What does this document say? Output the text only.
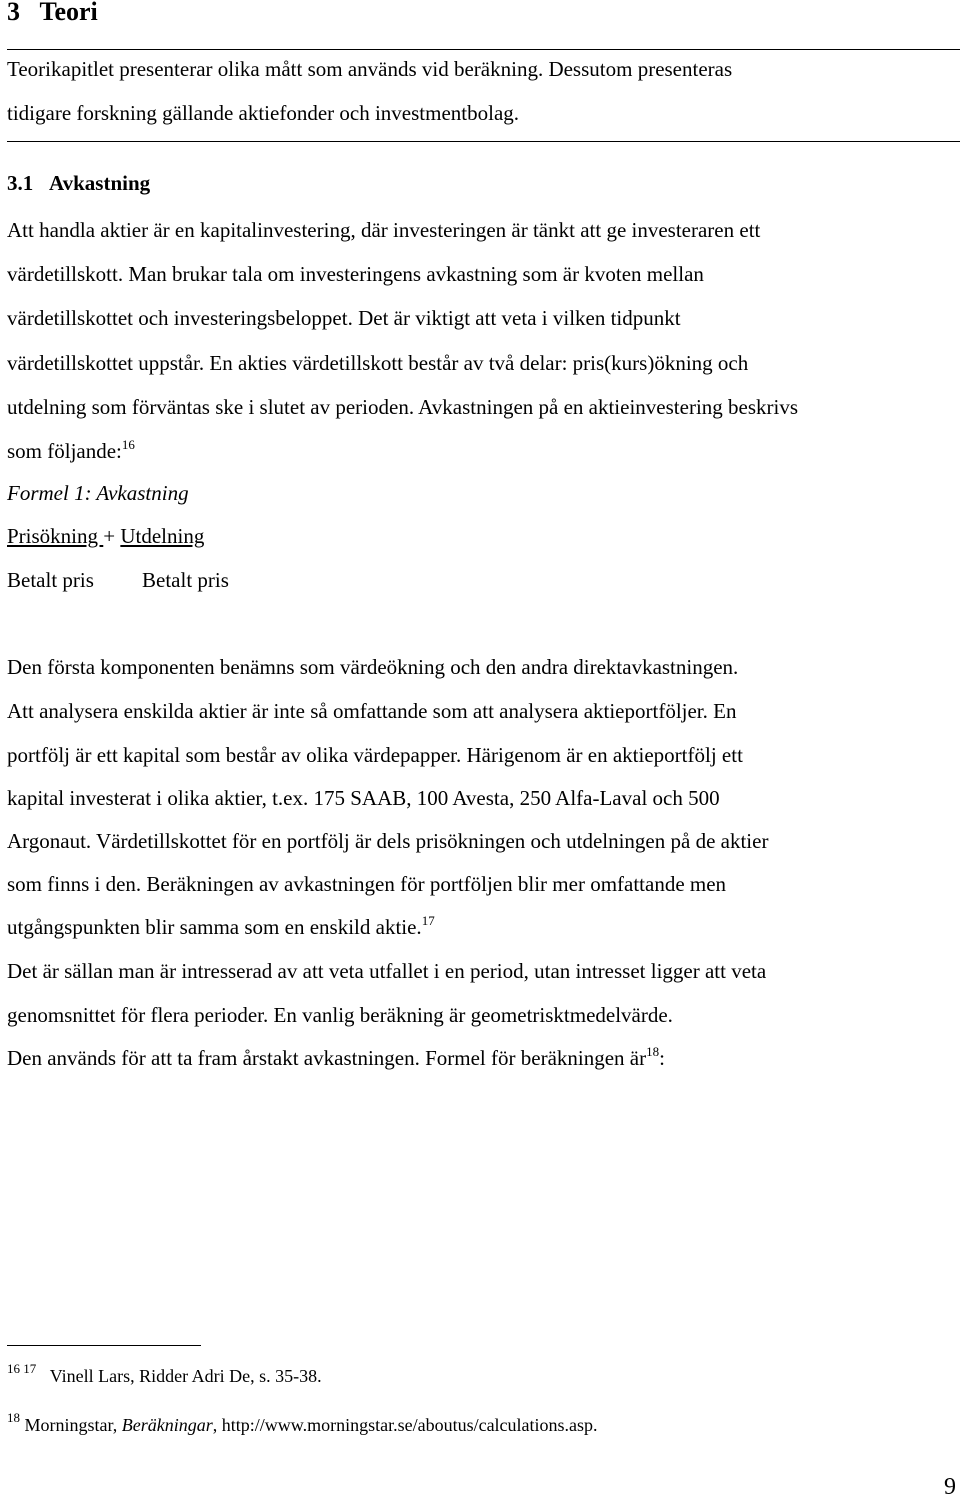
3 Teori
Teorikapitlet presenterar olika mått som används vid beräkning. Dessutom presenteras
tidigare forskning gällande aktiefonder och investmentbolag.
3.1 Avkastning
Att handla aktier är en kapitalinvestering, där investeringen är tänkt att ge investeraren ett
värdetillskott. Man brukar tala om investeringens avkastning som är kvoten mellan
värdetillskottet och investeringsbeloppet. Det är viktigt att veta i vilken tidpunkt
värdetillskottet uppstår. En akties värdetillskott består av två delar: pris(kurs)ökning och
utdelning som förväntas ske i slutet av perioden. Avkastningen på en aktieinvestering beskrivs
som följande:$^{16}$
Formel 1: Avkastning
Prisökning + Utdelning
Betalt pris Betalt pris
Den första komponenten benämns som värdeökning och den andra direktavkastningen.
Att analysera enskilda aktier är inte så omfattande som att analysera aktieportföljer. En
portfölj är ett kapital som består av olika värdepapper. Härigenom är en aktieportfölj ett
kapital investerat i olika aktier, t.ex. 175 SAAB, 100 Avesta, 250 Alfa-Laval och 500
Argonaut. Värdetillskottet för en portfölj är dels prisökningen och utdelningen på de aktier
som finns i den. Beräkningen av avkastningen för portföljen blir mer omfattande men
utgångspunkten blir samma som en enskild aktie.$^{17}$
Det är sällan man är intresserad av att veta utfallet i en period, utan intresset ligger att veta
genomsnittet för flera perioder. En vanlig beräkning är geometrisktmedelvärde.
Den används för att ta fram årstakt avkastningen. Formel för beräkningen $är^{18}$:
$^{16 17}$ Vinell Lars, Ridder Adri De, s. 35-38.
$^{18}$ Morningstar, Beräkningar, http://www.morningstar.se/aboutus/calculations.asp.
9
